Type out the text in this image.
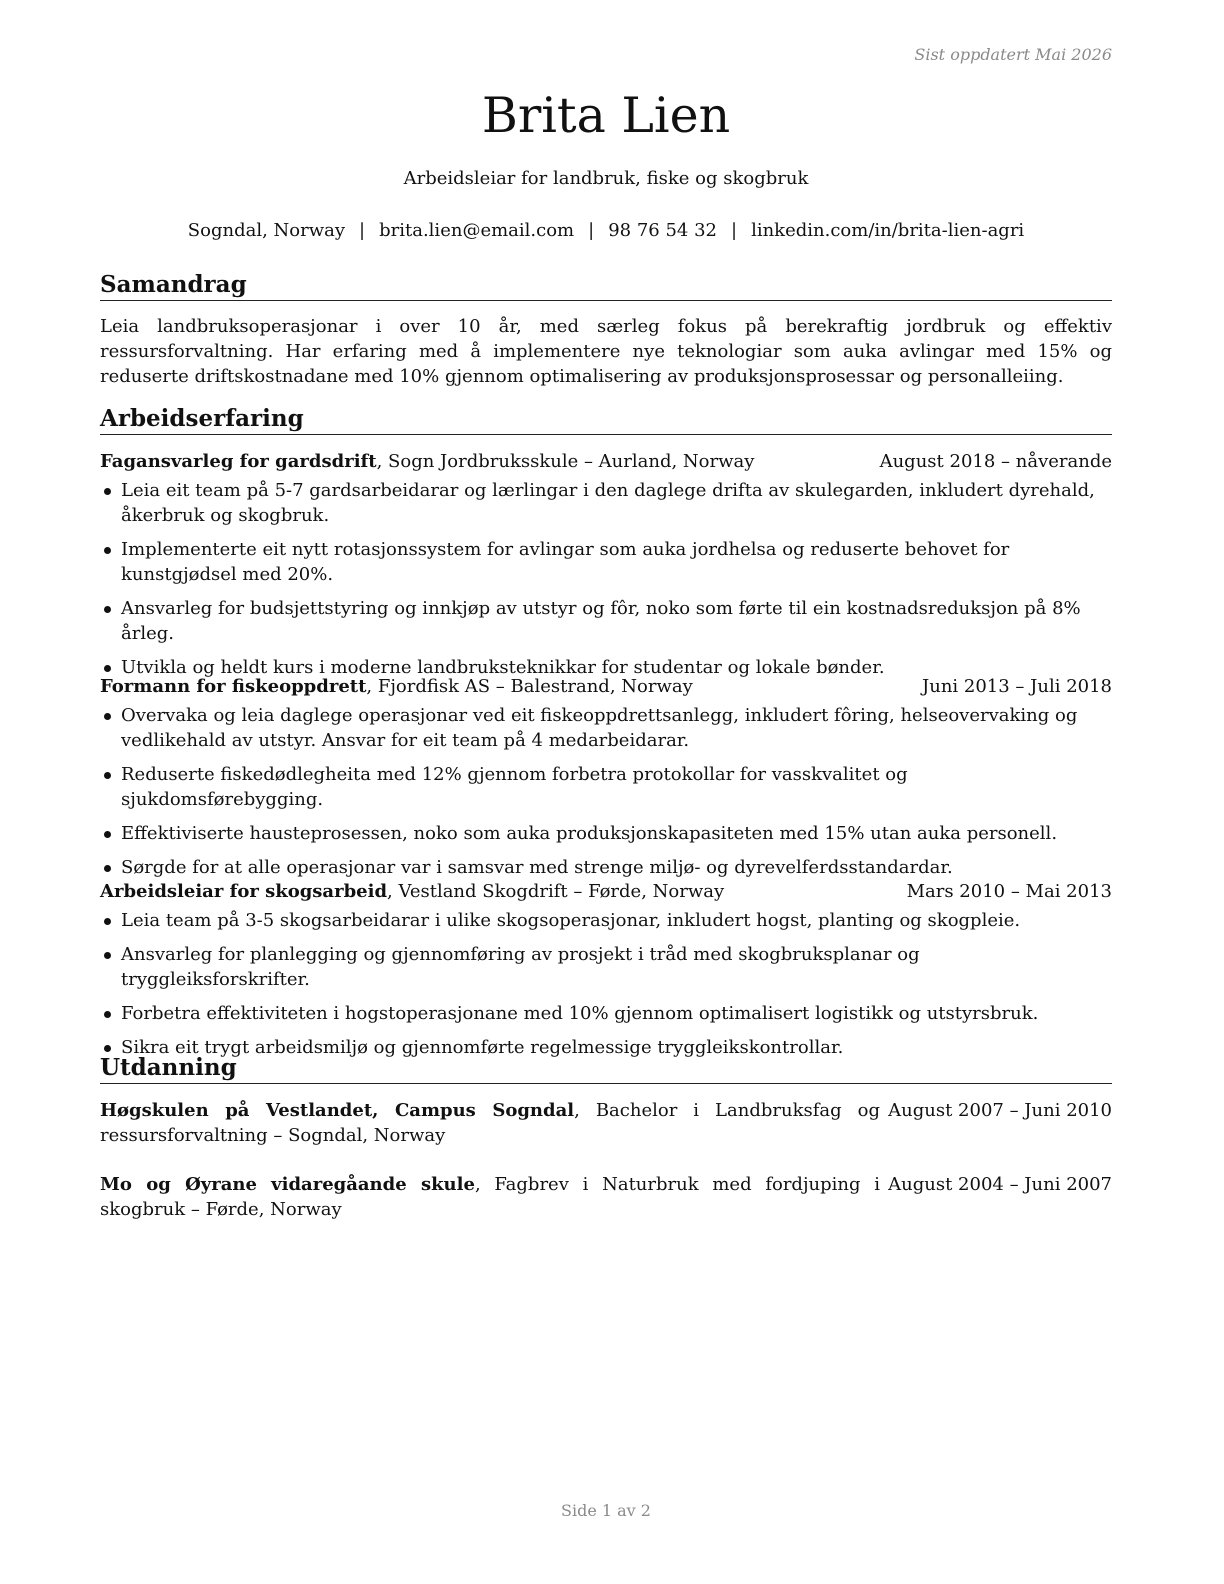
Sist oppdatert Mai 2026
Brita Lien
Arbeidsleiar for landbruk, fiske og skogbruk
Sogndal, Norway | brita.lien@email.com | 98 76 54 32 | linkedin.com/in/brita-lien-agri
Samandrag
Leia landbruksoperasjonar i over 10 år, med særleg fokus på berekraftig jordbruk og effektiv ressursforvaltning. Har erfaring med å implementere nye teknologiar som auka avlingar med 15% og reduserte driftskostnadane med 10% gjennom optimalisering av produksjonsprosessar og personalleiing.
Arbeidserfaring
Fagansvarleg for gardsdrift, Sogn Jordbruksskule – Aurland, Norway	August 2018 – nåverande
Leia eit team på 5-7 gardsarbeidarar og lærlingar i den daglege drifta av skulegarden, inkludert dyrehald, åkerbruk og skogbruk.
Implementerte eit nytt rotasjonssystem for avlingar som auka jordhelsa og reduserte behovet for kunstgjødsel med 20%.
Ansvarleg for budsjettstyring og innkjøp av utstyr og fôr, noko som førte til ein kostnadsreduksjon på 8% årleg.
Utvikla og heldt kurs i moderne landbruksteknikkar for studentar og lokale bønder.
Formann for fiskeoppdrett, Fjordfisk AS – Balestrand, Norway	Juni 2013 – Juli 2018
Overvaka og leia daglege operasjonar ved eit fiskeoppdrettsanlegg, inkludert fôring, helseovervaking og vedlikehald av utstyr. Ansvar for eit team på 4 medarbeidarar.
Reduserte fiskedødlegheita med 12% gjennom forbetra protokollar for vasskvalitet og sjukdomsførebygging.
Effektiviserte hausteprosessen, noko som auka produksjonskapasiteten med 15% utan auka personell.
Sørgde for at alle operasjonar var i samsvar med strenge miljø- og dyrevelferdsstandardar.
Arbeidsleiar for skogsarbeid, Vestland Skogdrift – Førde, Norway	Mars 2010 – Mai 2013
Leia team på 3-5 skogsarbeidarar i ulike skogsoperasjonar, inkludert hogst, planting og skogpleie.
Ansvarleg for planlegging og gjennomføring av prosjekt i tråd med skogbruksplanar og tryggleiksforskrifter.
Forbetra effektiviteten i hogstoperasjonane med 10% gjennom optimalisert logistikk og utstyrsbruk.
Sikra eit trygt arbeidsmiljø og gjennomførte regelmessige tryggleikskontrollar.
Utdanning
Høgskulen på Vestlandet, Campus Sogndal, Bachelor i Landbruksfag og ressursforvaltning – Sogndal, Norway
August 2007 – Juni 2010
Mo og Øyrane vidaregåande skule, Fagbrev i Naturbruk med fordjuping i skogbruk – Førde, Norway
August 2004 – Juni 2007
Side 1 av 2
